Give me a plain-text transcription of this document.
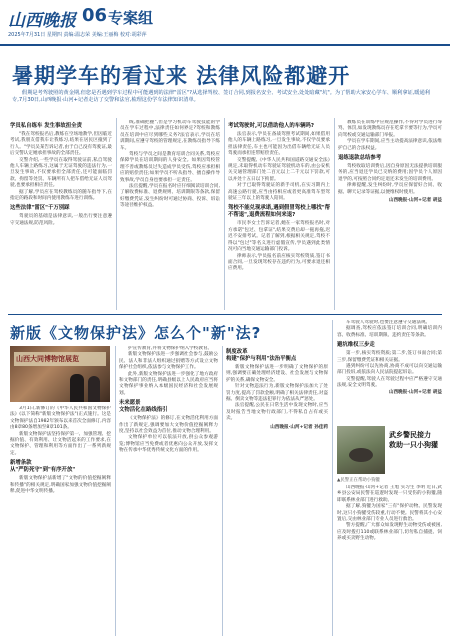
山西晚报 06 专案组
2025年7月31日 星期四 责编:温志荣 美编:王丽梅 校对:胡彩萍
暑期学车的看过来 法律风险都避开

假期是考驾驶照的黄金期,但您是否遇到学车过程中可能遇到的法律"雷区"?从选择驾校、签订合同,到报名安全、考试安全,处处暗藏"坑"。为了帮助大家安心学车、顺利拿证,暖通利专,7月30日,山西晚报·山河+记者走访了交警和法官,梳理这份学车法律知识清单。

学员私自练车 发生事故担全责

"我在驾校报名后,教练在空场地教学,但因临近考试,我朋友借我车让我练习,结果在居民区撞到了行人。"学员吴某告诉记者,由于自己没有驾驶证,最后交警认定她承担事故的全部责任。

交警介绍,一些学员在取得驾驶证前,私自驾驶他人车辆上路练习,这属于无证驾驶的违法行为,一旦发生事故,不仅要承担全部责任,还可能面临罚款、拘留等处罚。车辆所有人把车借给无证人员驾驶,也要承担相应责任。

据了解,学员应在驾校教练员的随车指导下,在指定的路段和时间内使用教练车进行训练。

这些法律"雷区"千万别踩

驾驶员的基础是法律意识,一般出行要注意遵守交通法规,防范风险。

线,准确把握",但是学习机动车驾驶技能的学员在学车过程中,法律责任如何界定?驾校和教练员在培训中应尽到哪些义务?法官表示,学员在培训期间,应遵守驾校的管理规定,在教练员指导下练车。

驾校与学员之间是教育培训合同关系,驾校应保障学员在培训期间的人身安全。如果因驾校管理不善或教练员过失造成学员受伤,驾校应承担相应的赔偿责任;如果学员不听从指导、擅自操作导致事故,学员自身也要承担一定责任。

法官提醒,学员在报名时应仔细阅读培训合同,了解收费标准、退费规则、培训期限等条款,保留好缴费凭证,发生纠纷时可通过协商、投诉、诉讼等途径维护权益。

考试驾驶时,可以借助他人的车辆吗?

法官表示,学员在备战驾照考试期间,如果借用他人的车辆上路练习,一旦发生事故,不仅学员要承担法律责任,车主也可能因为出借车辆给无证人员驾驶而承担连带赔偿责任。

交警提醒,《中华人民共和国道路交通安全法》规定,未取得机动车驾驶证驾驶机动车的,由公安机关交通管理部门处二百元以上二千元以下罚款,可以并处十五日以下拘留。

对于已取得驾驶证的新手司机,在实习期内上高速公路行驶,应当由持相应或者更高准驾车型驾驶证三年以上的驾驶人陪同。

驾校不能兑现承诺,遇到假冒驾校上哪找"帮不帮退",退费流程如何来退?

市民李女士告诉记者,她在一家驾校报名时,对方承诺"包过、包拿证",结果交费后却一拖再拖,迟迟不安排考试。记者了解到,根据相关规定,驾校不得以"包过"等名义进行虚假宣传,学员遇到此类情况可向当地交通运输部门投诉。

律师表示,学员报名前应核实驾校资质,签订书面合同,一旦发现驾校存在违约行为,可要求退还相应费用。

教练员在训练中应规范操作,不得对学员进行辱骂、体罚,如发现教练员存在吃拿卡要等行为,学员可向驾校或交通运输部门举报。

学员在学车期间,应当主动提高法律意识,依法维护自己的合法权益。

退练退款总结参考

驾校收取培训费后,因自身原因无法提供培训服务的,应当退还学员已交纳的费用;因学员个人原因退学的,可按照合同约定退还未发生的培训费用。

律师提醒,发生纠纷时,学员应保留好合同、收据、聊天记录等证据,以便维权时使用。

山西晚报·山河+记者 胡益
新版《文物保护法》怎么个"新"法?
山西大同博物馆展览

3月1日,新修订的《中华人民共和国文物保护法》(以下简称"新版文物保护法")正式施行。这是文物保护法自1982年颁布以来首次全面修订,内容由8章80条增加至8章101条。

新版文物保护法坚持保护第一、加强管理、挖掘价值、有效利用、让文物活起来的工作要求,在文物保护、管理和利用等方面作出了一系列新规定。

新增条款
从"严防死守"到"有序开放"

新版文物保护法新增了"文物的价值挖掘阐释和传播"的相关规定,明确国家加强文物价值挖掘阐释,促进中华文明传播。

护宣传教育,并将文物保护纳入学校教育。

新版文物保护法进一步强调社会参与,鼓励公民、法人和非法人组织通过捐赠等方式设立文物保护社会组织,依法参与文物保护工作。

此外,新版文物保护法进一步强化了地方政府和文物部门的责任,明确县级以上人民政府应当将文物保护事业纳入本级国民经济和社会发展规划。

未来愿景
文物活化在路线指引

《文物保护法》的修订,在文物活化利用方面作出了新规定,强调要加大文物价值挖掘阐释力度,坚持以社会效益为首位,推动文物合理利用。

文物保护单位可以依法开放,供公众参观游览;博物馆应当免费或者优惠向公众开放,发挥文物在传承中华优秀传统文化方面的作用。

制度改革
构建"保护与利用"法治平衡点

新版文物保护法进一步明确了文物保护的原则,强调要正确处理经济建设、社会发展与文物保护的关系,确保文物安全。

针对文物违法行为,新版文物保护法加大了处罚力度,提高了罚款金额,明确了相关法律责任,对盗掘、倒卖文物等违法犯罪行为依法从严惩处。

法官提醒,公民在日常生活中发现文物时,应当及时报告当地文物行政部门,不得私自占有或买卖。

山西晚报·山河+记者 孙佳莉

车驾驶人驾驶时,也要注意遵守交通法规。

据调查,驾校应依法签订培训合同,明确培训内容、收费标准、培训期限、违约责任等条款。

避坑维权三步走

第一步,核实驾校资质;第二步,签订书面合同;第三步,保留缴费凭证和相关证据。

遇到纠纷可以先协商,协商不成可以向交通运输部门投诉,或依法向人民法院提起诉讼。

交警提醒,驾驶人在驾驶过程中应严格遵守交通法规,安全文明驾驶。

山西晚报·山河+记者 胡益
武乡警民接力
救助一只小狗獾
▲民警正在帮助小狗獾

山西晚报·山河+记者 王旭 实习生 李明 近日,武乡县公安局民警在巡逻时发现一只受伤的小狗獾,随即联系林业部门进行救助。

据了解,狗獾为国家"三有"保护动物。民警发现时,这只小狗獾受伤较重,行动不便。民警将其小心安置后,交由林业部门专业人员进行救治。

警方提醒,广大群众如发现野生动物受伤或被困,应及时拨打110或联系林业部门,切勿私自捕捉、饲养或买卖野生动物。
